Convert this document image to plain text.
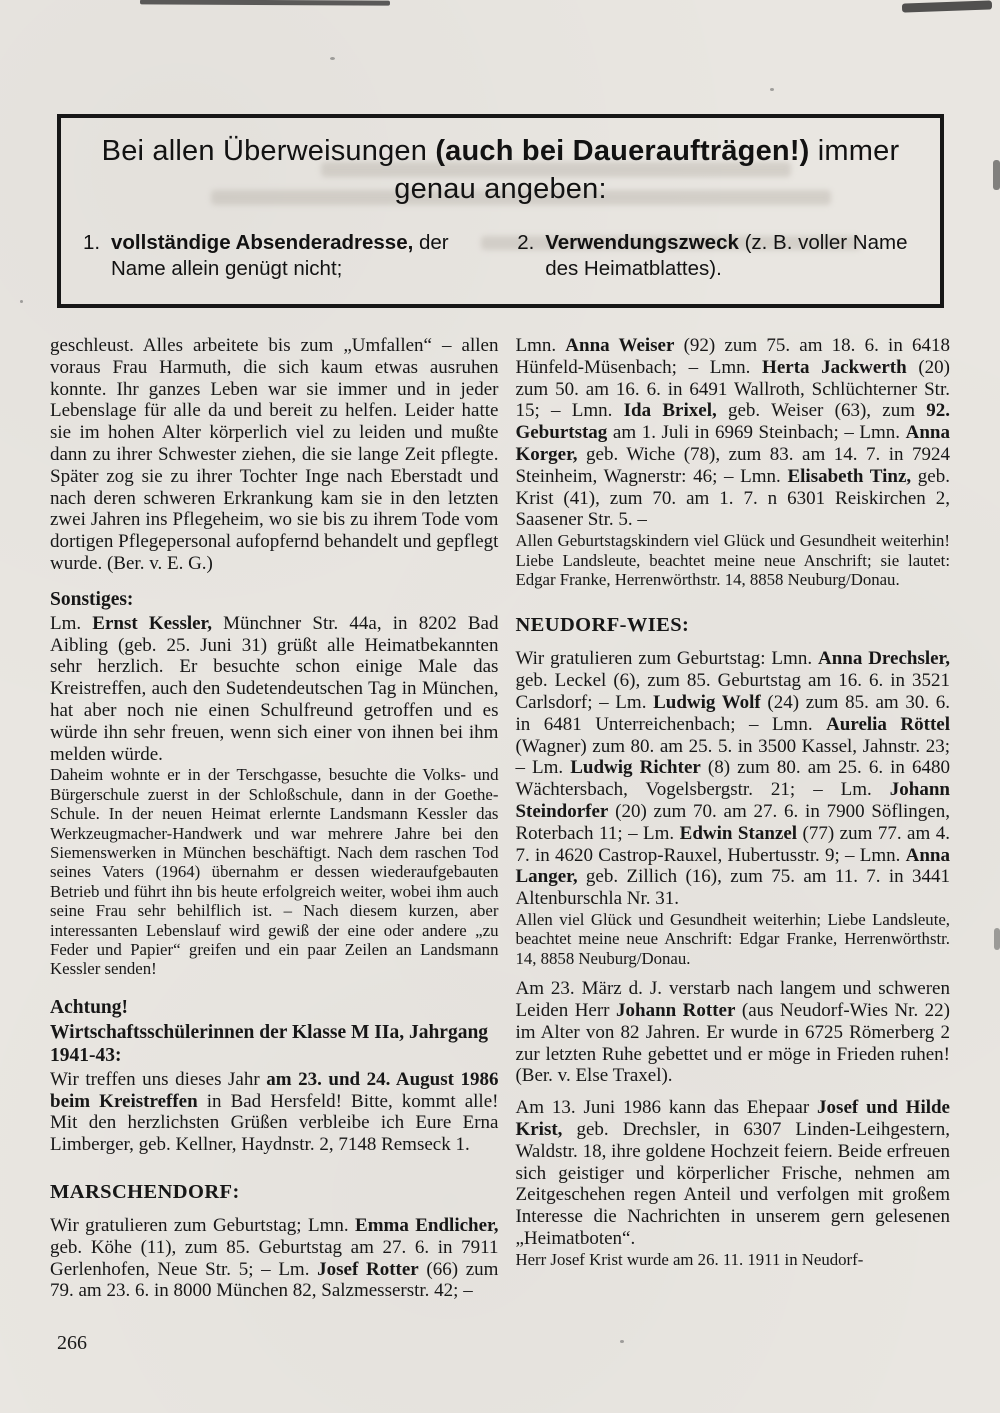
Bei allen Überweisungen (auch bei Daueraufträgen!) immer genau angeben:
1. vollständige Absenderadresse, der Name allein genügt nicht;
2. Verwendungszweck (z. B. voller Name des Heimatblattes).

geschleust. Alles arbeitete bis zum „Umfallen“ – allen voraus Frau Harmuth, die sich kaum etwas ausruhen konnte. Ihr ganzes Leben war sie immer und in jeder Lebenslage für alle da und bereit zu helfen. Leider hatte sie im hohen Alter körperlich viel zu leiden und mußte dann zu ihrer Schwester ziehen, die sie lange Zeit pflegte. Später zog sie zu ihrer Tochter Inge nach Eberstadt und nach deren schweren Erkrankung kam sie in den letzten zwei Jahren ins Pflegeheim, wo sie bis zu ihrem Tode vom dortigen Pflegepersonal aufopfernd behandelt und gepflegt wurde. (Ber. v. E. G.)

Sonstiges:

Lm. Ernst Kessler, Münchner Str. 44a, in 8202 Bad Aibling (geb. 25. Juni 31) grüßt alle Heimatbekannten sehr herzlich. Er besuchte schon einige Male das Kreistreffen, auch den Sudetendeutschen Tag in München, hat aber noch nie einen Schulfreund getroffen und es würde ihn sehr freuen, wenn sich einer von ihnen bei ihm melden würde.

Daheim wohnte er in der Terschgasse, besuchte die Volks- und Bürgerschule zuerst in der Schloßschule, dann in der Goethe-Schule. In der neuen Heimat erlernte Landsmann Kessler das Werkzeugmacher-Handwerk und war mehrere Jahre bei den Siemenswerken in München beschäftigt. Nach dem raschen Tod seines Vaters (1964) übernahm er dessen wiederaufgebauten Betrieb und führt ihn bis heute erfolgreich weiter, wobei ihm auch seine Frau sehr behilflich ist. – Nach diesem kurzen, aber interessanten Lebenslauf wird gewiß der eine oder andere „zu Feder und Papier“ greifen und ein paar Zeilen an Landsmann Kessler senden!

Achtung!
Wirtschaftsschülerinnen der Klasse M IIa, Jahrgang 1941-43:

Wir treffen uns dieses Jahr am 23. und 24. August 1986 beim Kreistreffen in Bad Hersfeld! Bitte, kommt alle! Mit den herzlichsten Grüßen verbleibe ich Eure Erna Limberger, geb. Kellner, Haydnstr. 2, 7148 Remseck 1.

MARSCHENDORF:

Wir gratulieren zum Geburtstag; Lmn. Emma Endlicher, geb. Köhe (11), zum 85. Geburtstag am 27. 6. in 7911 Gerlenhofen, Neue Str. 5; – Lm. Josef Rotter (66) zum 79. am 23. 6. in 8000 München 82, Salzmesserstr. 42; –

Lmn. Anna Weiser (92) zum 75. am 18. 6. in 6418 Hünfeld-Müsenbach; – Lmn. Herta Jackwerth (20) zum 50. am 16. 6. in 6491 Wallroth, Schlüchterner Str. 15; – Lmn. Ida Brixel, geb. Weiser (63), zum 92. Geburtstag am 1. Juli in 6969 Steinbach; – Lmn. Anna Korger, geb. Wiche (78), zum 83. am 14. 7. in 7924 Steinheim, Wagnerstr: 46; – Lmn. Elisabeth Tinz, geb. Krist (41), zum 70. am 1. 7. n 6301 Reiskirchen 2, Saasener Str. 5. –

Allen Geburtstagskindern viel Glück und Gesundheit weiterhin! Liebe Landsleute, beachtet meine neue Anschrift; sie lautet: Edgar Franke, Herrenwörthstr. 14, 8858 Neuburg/Donau.

NEUDORF-WIES:

Wir gratulieren zum Geburtstag: Lmn. Anna Drechsler, geb. Leckel (6), zum 85. Geburtstag am 16. 6. in 3521 Carlsdorf; – Lm. Ludwig Wolf (24) zum 85. am 30. 6. in 6481 Unterreichenbach; – Lmn. Aurelia Röttel (Wagner) zum 80. am 25. 5. in 3500 Kassel, Jahnstr. 23; – Lm. Ludwig Richter (8) zum 80. am 25. 6. in 6480 Wächtersbach, Vogelsbergstr. 21; – Lm. Johann Steindorfer (20) zum 70. am 27. 6. in 7900 Söflingen, Roterbach 11; – Lm. Edwin Stanzel (77) zum 77. am 4. 7. in 4620 Castrop-Rauxel, Hubertusstr. 9; – Lmn. Anna Langer, geb. Zillich (16), zum 75. am 11. 7. in 3441 Altenburschla Nr. 31.

Allen viel Glück und Gesundheit weiterhin; Liebe Landsleute, beachtet meine neue Anschrift: Edgar Franke, Herrenwörthstr. 14, 8858 Neuburg/Donau.

Am 23. März d. J. verstarb nach langem und schweren Leiden Herr Johann Rotter (aus Neudorf-Wies Nr. 22) im Alter von 82 Jahren. Er wurde in 6725 Römerberg 2 zur letzten Ruhe gebettet und er möge in Frieden ruhen! (Ber. v. Else Traxel).

Am 13. Juni 1986 kann das Ehepaar Josef und Hilde Krist, geb. Drechsler, in 6307 Linden-Leihgestern, Waldstr. 18, ihre goldene Hochzeit feiern. Beide erfreuen sich geistiger und körperlicher Frische, nehmen am Zeitgeschehen regen Anteil und verfolgen mit großem Interesse die Nachrichten in unserem gern gelesenen „Heimatboten“.

Herr Josef Krist wurde am 26. 11. 1911 in Neudorf-

266
